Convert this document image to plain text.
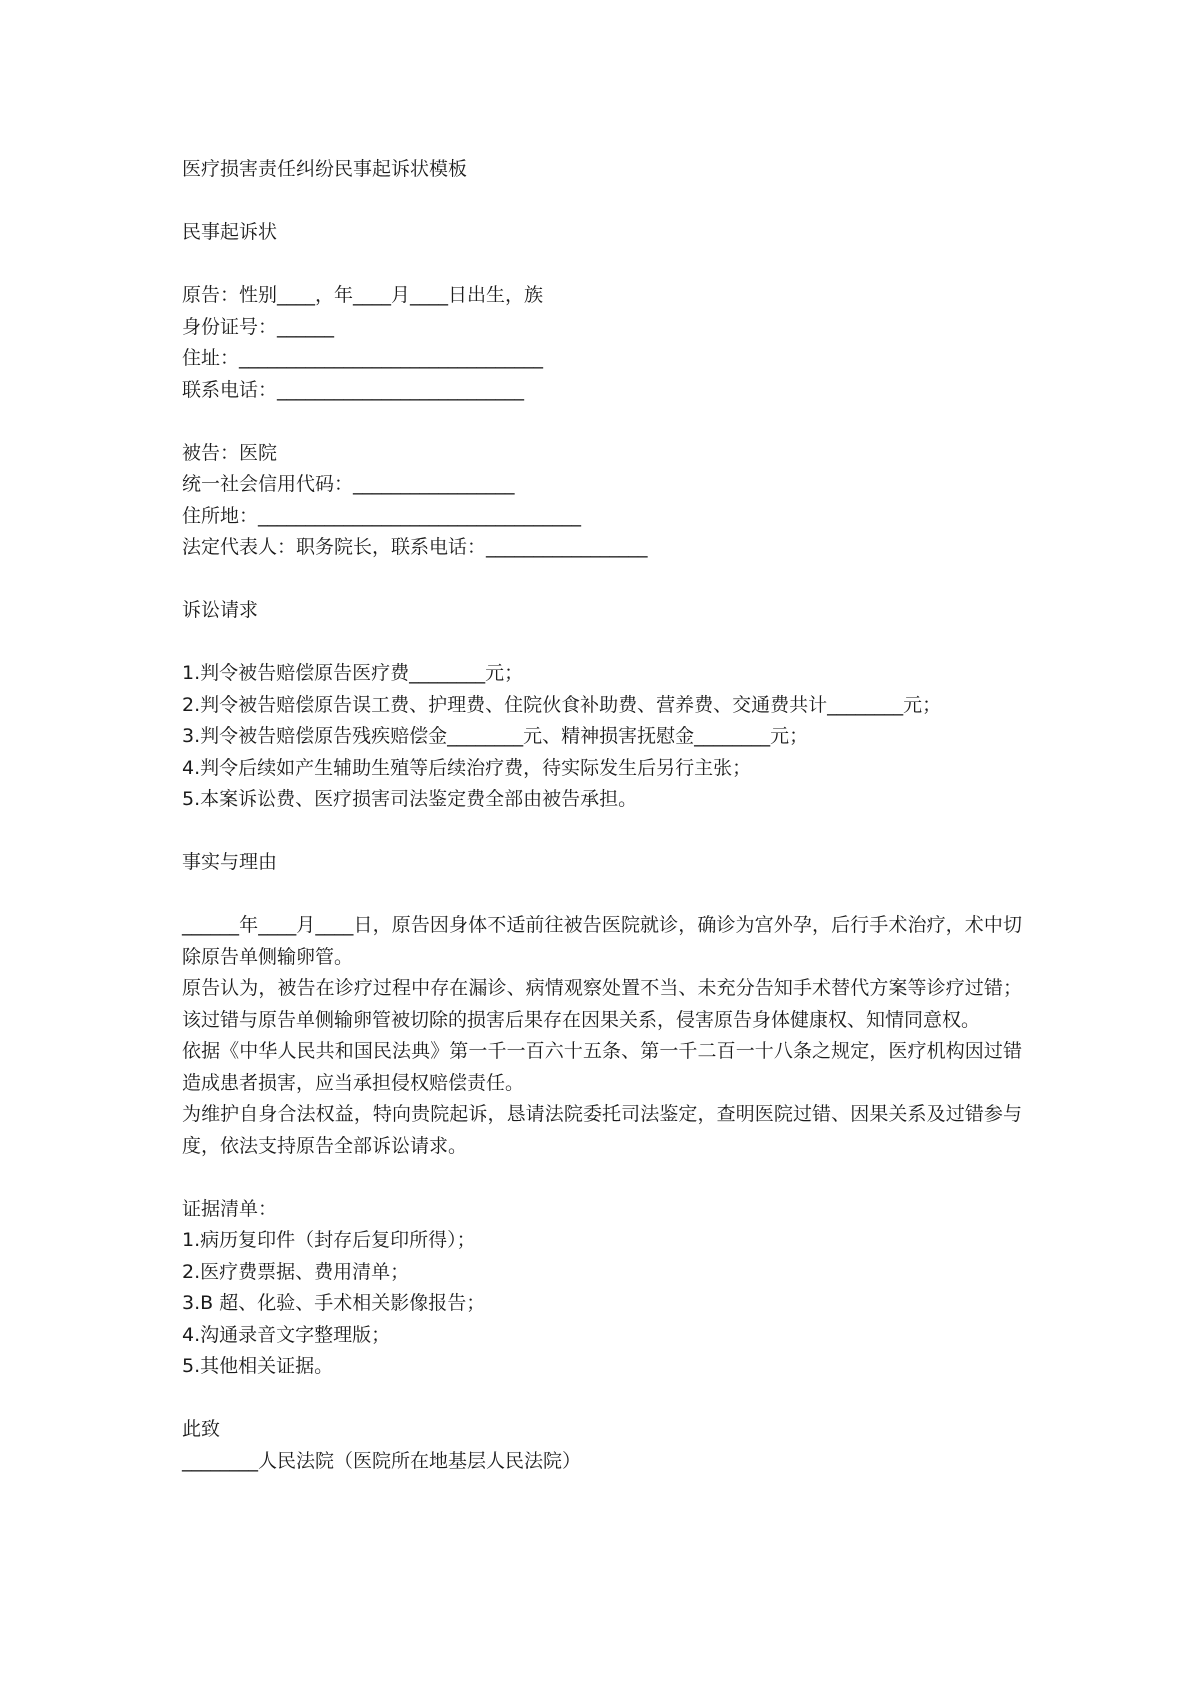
医疗损害责任纠纷民事起诉状模板

民事起诉状

原告：性别____，年____月____日出生，族

身份证号：______

住址：________________________________

联系电话：__________________________

被告：医院

统一社会信用代码：_________________

住所地：__________________________________

法定代表人：职务院长，联系电话：_________________

诉讼请求

1.判令被告赔偿原告医疗费________元；

2.判令被告赔偿原告误工费、护理费、住院伙食补助费、营养费、交通费共计________元；

3.判令被告赔偿原告残疾赔偿金________元、精神损害抚慰金________元；

4.判令后续如产生辅助生殖等后续治疗费，待实际发生后另行主张；

5.本案诉讼费、医疗损害司法鉴定费全部由被告承担。

事实与理由

______年____月____日，原告因身体不适前往被告医院就诊，确诊为宫外孕，后行手术治疗，术中切除原告单侧输卵管。

原告认为，被告在诊疗过程中存在漏诊、病情观察处置不当、未充分告知手术替代方案等诊疗过错；该过错与原告单侧输卵管被切除的损害后果存在因果关系，侵害原告身体健康权、知情同意权。

依据《中华人民共和国民法典》第一千一百六十五条、第一千二百一十八条之规定，医疗机构因过错造成患者损害，应当承担侵权赔偿责任。

为维护自身合法权益，特向贵院起诉，恳请法院委托司法鉴定，查明医院过错、因果关系及过错参与度，依法支持原告全部诉讼请求。

证据清单：

1.病历复印件（封存后复印所得）；

2.医疗费票据、费用清单；

3.B 超、化验、手术相关影像报告；

4.沟通录音文字整理版；

5.其他相关证据。

此致

________人民法院（医院所在地基层人民法院）
